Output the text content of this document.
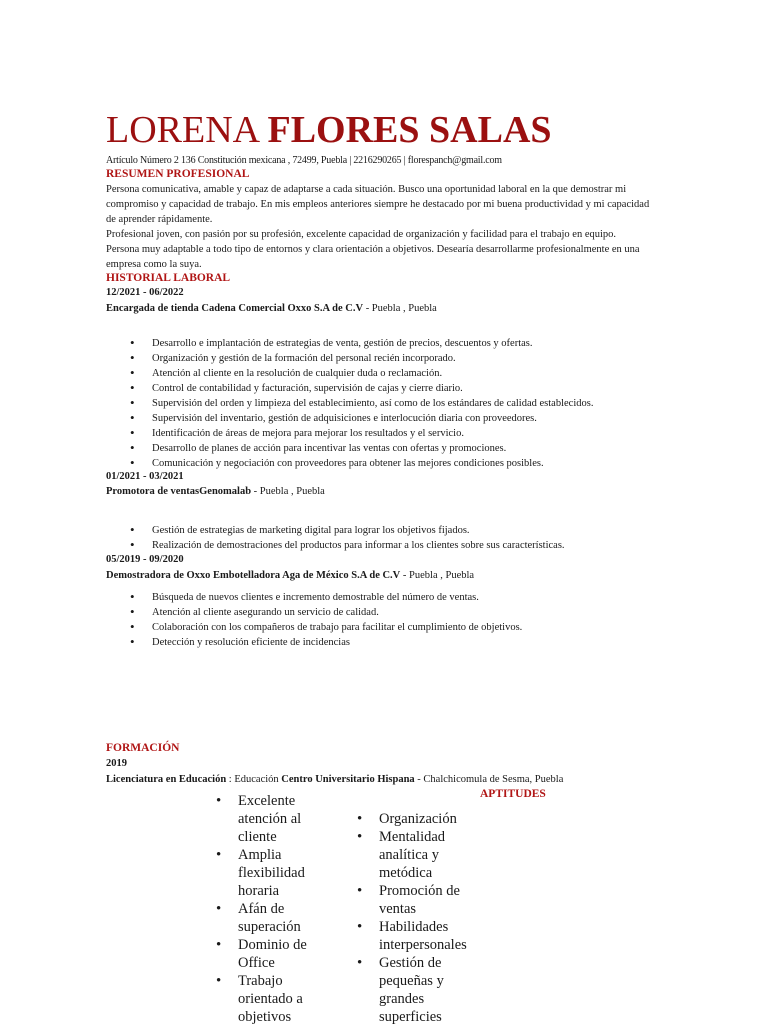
LORENA FLORES SALAS
Artículo Número 2 136 Constitución mexicana , 72499, Puebla | 2216290265 | florespanch@gmail.com
RESUMEN PROFESIONAL
Persona comunicativa, amable y capaz de adaptarse a cada situación. Busco una oportunidad laboral en la que demostrar mi
compromiso y capacidad de trabajo. En mis empleos anteriores siempre he destacado por mi buena productividad y mi capacidad
de aprender rápidamente.
Profesional joven, con pasión por su profesión, excelente capacidad de organización y facilidad para el trabajo en equipo.
Persona muy adaptable a todo tipo de entornos y clara orientación a objetivos. Desearía desarrollarme profesionalmente en una
empresa como la suya.
HISTORIAL LABORAL
12/2021 - 06/2022
Encargada de tienda Cadena Comercial Oxxo S.A de C.V - Puebla , Puebla
• Desarrollo e implantación de estrategias de venta, gestión de precios, descuentos y ofertas.
• Organización y gestión de la formación del personal recién incorporado.
• Atención al cliente en la resolución de cualquier duda o reclamación.
• Control de contabilidad y facturación, supervisión de cajas y cierre diario.
• Supervisión del orden y limpieza del establecimiento, así como de los estándares de calidad establecidos.
• Supervisión del inventario, gestión de adquisiciones e interlocución diaria con proveedores.
• Identificación de áreas de mejora para mejorar los resultados y el servicio.
• Desarrollo de planes de acción para incentivar las ventas con ofertas y promociones.
• Comunicación y negociación con proveedores para obtener las mejores condiciones posibles.
01/2021 - 03/2021
Promotora de ventasGenomalab - Puebla , Puebla
• Gestión de estrategias de marketing digital para lograr los objetivos fijados.
• Realización de demostraciones del productos para informar a los clientes sobre sus características.
05/2019 - 09/2020
Demostradora de Oxxo Embotelladora Aga de México S.A de C.V - Puebla , Puebla
• Búsqueda de nuevos clientes e incremento demostrable del número de ventas.
• Atención al cliente asegurando un servicio de calidad.
• Colaboración con los compañeros de trabajo para facilitar el cumplimiento de objetivos.
• Detección y resolución eficiente de incidencias
FORMACIÓN
2019
Licenciatura en Educación : Educación Centro Universitario Hispana - Chalchicomula de Sesma, Puebla
APTITUDES
• Excelente atención al cliente
• Amplia flexibilidad horaria
• Afán de superación
• Dominio de Office
• Trabajo orientado a objetivos
• Organización
• Mentalidad analítica y metódica
• Promoción de ventas
• Habilidades interpersonales
• Gestión de pequeñas y grandes superficies
